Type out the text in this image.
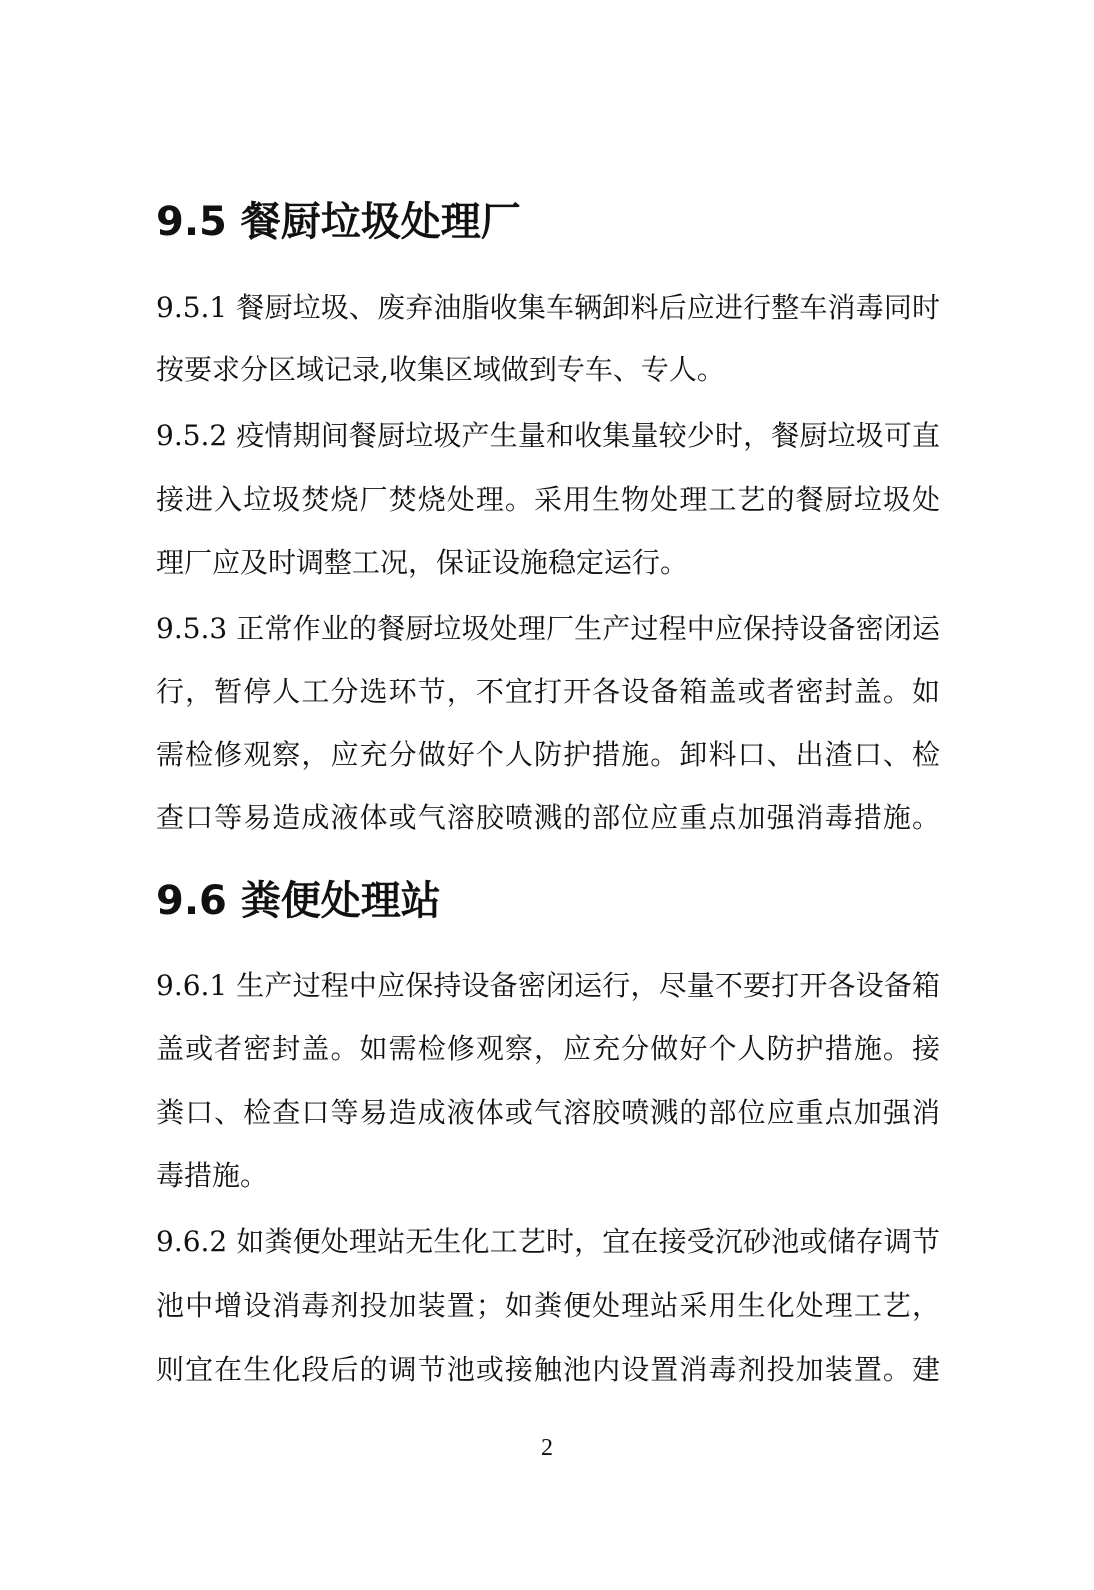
9.5 餐厨垃圾处理厂

9.5.1 餐厨垃圾、废弃油脂收集车辆卸料后应进行整车消毒同时

按要求分区域记录,收集区域做到专车、专人。

9.5.2 疫情期间餐厨垃圾产生量和收集量较少时，餐厨垃圾可直

接进入垃圾焚烧厂焚烧处理。采用生物处理工艺的餐厨垃圾处

理厂应及时调整工况，保证设施稳定运行。

9.5.3 正常作业的餐厨垃圾处理厂生产过程中应保持设备密闭运

行，暂停人工分选环节，不宜打开各设备箱盖或者密封盖。如

需检修观察，应充分做好个人防护措施。卸料口、出渣口、检

查口等易造成液体或气溶胶喷溅的部位应重点加强消毒措施。

9.6 粪便处理站

9.6.1 生产过程中应保持设备密闭运行，尽量不要打开各设备箱

盖或者密封盖。如需检修观察，应充分做好个人防护措施。接

粪口、检查口等易造成液体或气溶胶喷溅的部位应重点加强消

毒措施。

9.6.2 如粪便处理站无生化工艺时，宜在接受沉砂池或储存调节

池中增设消毒剂投加装置；如粪便处理站采用生化处理工艺，

则宜在生化段后的调节池或接触池内设置消毒剂投加装置。建

2
